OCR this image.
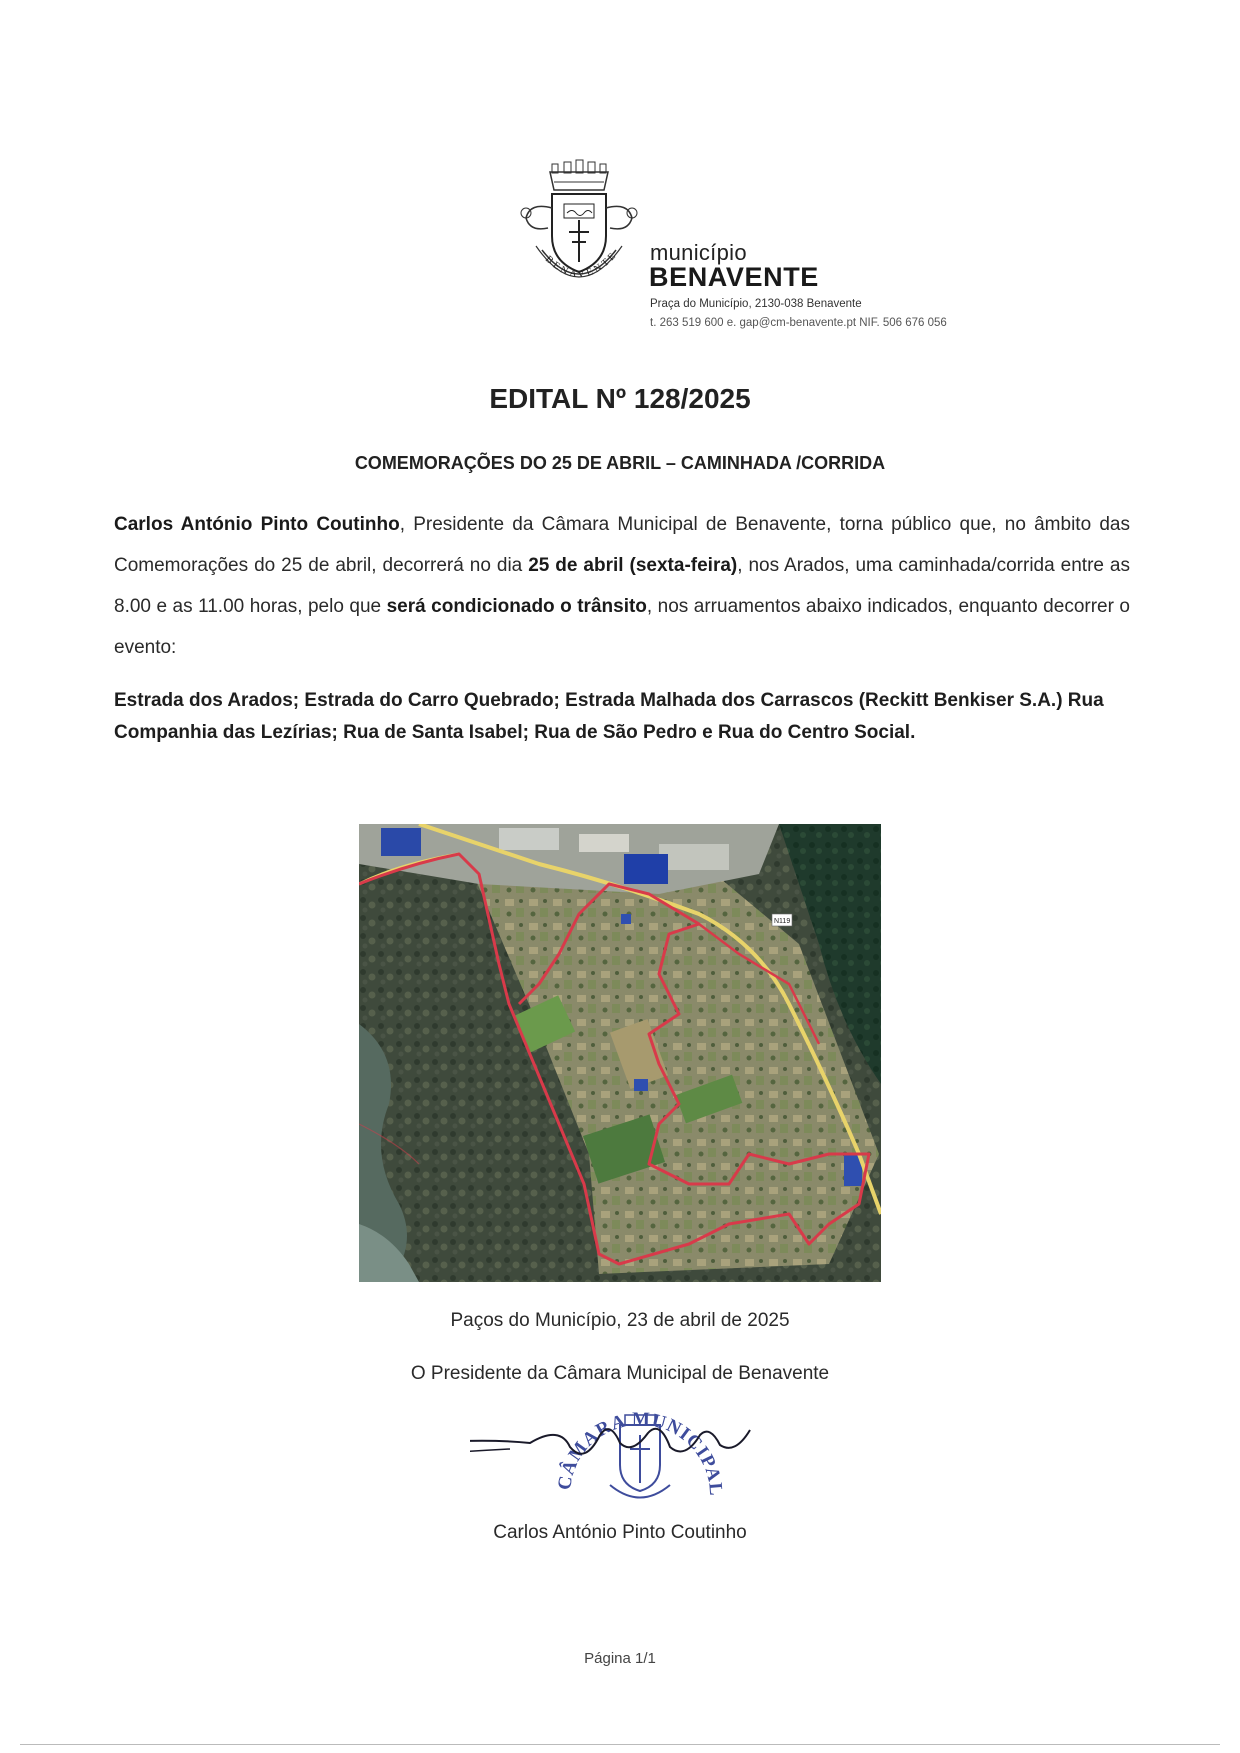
BENAVENTE município
BENAVENTE
Praça do Município, 2130-038 Benavente
t. 263 519 600 e. gap@cm-benavente.pt NIF. 506 676 056
EDITAL Nº 128/2025
COMEMORAÇÕES DO 25 DE ABRIL – CAMINHADA /CORRIDA
Carlos António Pinto Coutinho, Presidente da Câmara Municipal de Benavente, torna público que, no âmbito das Comemorações do 25 de abril, decorrerá no dia 25 de abril (sexta-feira), nos Arados, uma caminhada/corrida entre as 8.00 e as 11.00 horas, pelo que será condicionado o trânsito, nos arruamentos abaixo indicados, enquanto decorrer o evento:
Estrada dos Arados; Estrada do Carro Quebrado; Estrada Malhada dos Carrascos (Reckitt Benkiser S.A.) Rua Companhia das Lezírias; Rua de Santa Isabel; Rua de São Pedro e Rua do Centro Social.
N119
Paços do Município, 23 de abril de 2025
O Presidente da Câmara Municipal de Benavente
CÂMARA MUNICIPAL
Carlos António Pinto Coutinho
Página 1/1
